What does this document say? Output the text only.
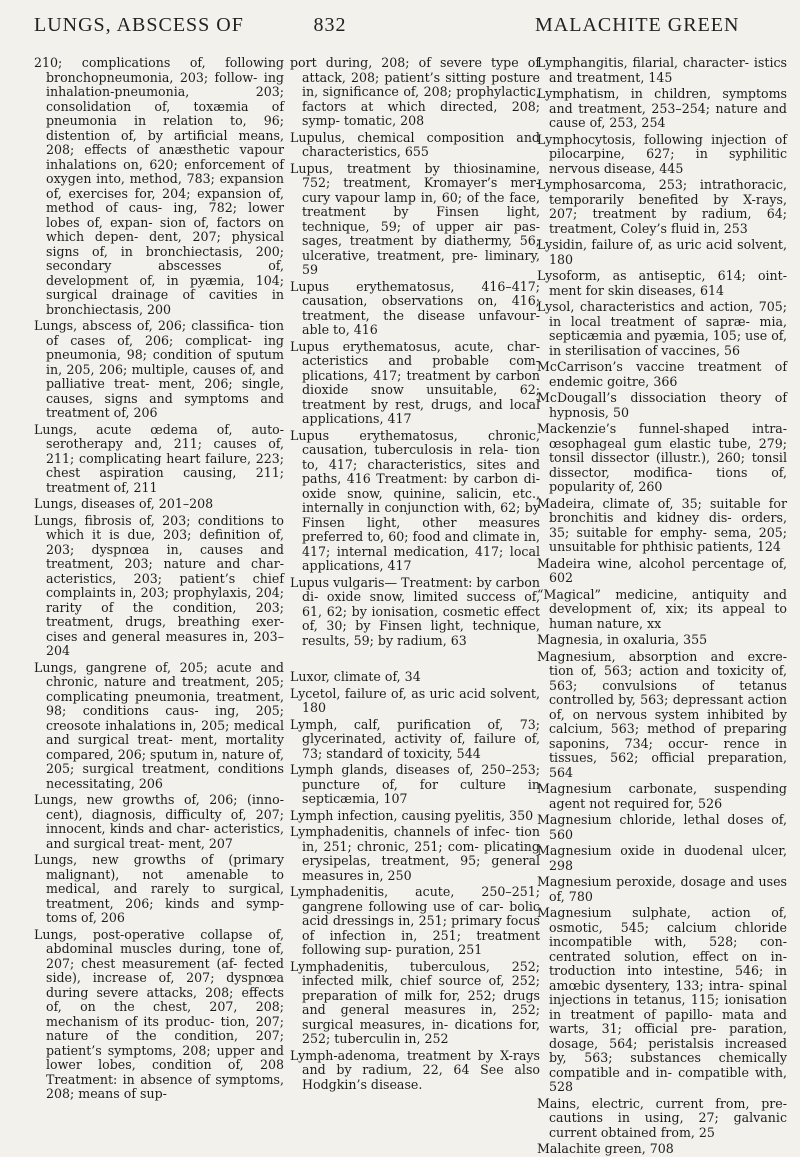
LUNGS, ABSCESS OF	832	MALACHITE GREEN

210; complications of, following bronchopneumonia, 203; follow- ing inhalation-pneumonia, 203; consolidation of, toxæmia of pneumonia in relation to, 96; distention of, by artificial means, 208; effects of anæsthetic vapour inhalations on, 620; enforcement of oxygen into, method, 783; expansion of, exercises for, 204; expansion of, method of caus- ing, 782; lower lobes of, expan- sion of, factors on which depen- dent, 207; physical signs of, in bronchiectasis, 200; secondary abscesses of, development of, in pyæmia, 104; surgical drainage of cavities in bronchiectasis, 200

Lungs, abscess of, 206; classifica- tion of cases of, 206; complicat- ing pneumonia, 98; condition of sputum in, 205, 206; multiple, causes of, and palliative treat- ment, 206; single, causes, signs and symptoms and treatment of, 206

Lungs, acute œdema of, auto- serotherapy and, 211; causes of, 211; complicating heart failure, 223; chest aspiration causing, 211; treatment of, 211

Lungs, diseases of, 201–208

Lungs, fibrosis of, 203; conditions to which it is due, 203; definition of, 203; dyspnœa in, causes and treatment, 203; nature and char- acteristics, 203; patient’s chief complaints in, 203; prophylaxis, 204; rarity of the condition, 203; treatment, drugs, breathing exer- cises and general measures in, 203–204

Lungs, gangrene of, 205; acute and chronic, nature and treatment, 205; complicating pneumonia, treatment, 98; conditions caus- ing, 205; creosote inhalations in, 205; medical and surgical treat- ment, mortality compared, 206; sputum in, nature of, 205; surgical treatment, conditions necessitating, 206

Lungs, new growths of, 206; (inno- cent), diagnosis, difficulty of, 207; innocent, kinds and char- acteristics, and surgical treat- ment, 207

Lungs, new growths of (primary malignant), not amenable to medical, and rarely to surgical, treatment, 206; kinds and symp- toms of, 206

Lungs, post-operative collapse of, abdominal muscles during, tone of, 207; chest measurement (af- fected side), increase of, 207; dyspnœa during severe attacks, 208; effects of, on the chest, 207, 208; mechanism of its produc- tion, 207; nature of the condition, 207; patient’s symptoms, 208; upper and lower lobes, condition of, 208 Treatment: in absence of symptoms, 208; means of sup-

port during, 208; of severe type of attack, 208; patient’s sitting posture in, significance of, 208; prophylactic, factors at which directed, 208; symp- tomatic, 208

Lupulus, chemical composition and characteristics, 655

Lupus, treatment by thiosinamine, 752; treatment, Kromayer’s mer- cury vapour lamp in, 60; of the face, treatment by Finsen light, technique, 59; of upper air pas- sages, treatment by diathermy, 56; ulcerative, treatment, pre- liminary, 59

Lupus erythematosus, 416–417; causation, observations on, 416; treatment, the disease unfavour- able to, 416

Lupus erythematosus, acute, char- acteristics and probable com- plications, 417; treatment by carbon dioxide snow unsuitable, 62; treatment by rest, drugs, and local applications, 417

Lupus erythematosus, chronic, causation, tuberculosis in rela- tion to, 417; characteristics, sites and paths, 416 Treatment: by carbon di- oxide snow, quinine, salicin, etc., internally in conjunction with, 62; by Finsen light, other measures preferred to, 60; food and climate in, 417; internal medication, 417; local applications, 417

Lupus vulgaris— Treatment: by carbon di- oxide snow, limited success of, 61, 62; by ionisation, cosmetic effect of, 30; by Finsen light, technique, results, 59; by radium, 63

Luxor, climate of, 34

Lycetol, failure of, as uric acid solvent, 180

Lymph, calf, purification of, 73; glycerinated, activity of, failure of, 73; standard of toxicity, 544

Lymph glands, diseases of, 250–253; puncture of, for culture in septicæmia, 107

Lymph infection, causing pyelitis, 350

Lymphadenitis, channels of infec- tion in, 251; chronic, 251; com- plicating erysipelas, treatment, 95; general measures in, 250

Lymphadenitis, acute, 250–251; gangrene following use of car- bolic acid dressings in, 251; primary focus of infection in, 251; treatment following sup- puration, 251

Lymphadenitis, tuberculous, 252; infected milk, chief source of, 252; preparation of milk for, 252; drugs and general measures in, 252; surgical measures, in- dications for, 252; tuberculin in, 252

Lymph-adenoma, treatment by X-rays and by radium, 22, 64 See also Hodgkin’s disease.

Lymphangitis, filarial, character- istics and treatment, 145

Lymphatism, in children, symptoms and treatment, 253–254; nature and cause of, 253, 254

Lymphocytosis, following injection of pilocarpine, 627; in syphilitic nervous disease, 445

Lymphosarcoma, 253; intrathoracic, temporarily benefited by X-rays, 207; treatment by radium, 64; treatment, Coley’s fluid in, 253

Lysidin, failure of, as uric acid solvent, 180

Lysoform, as antiseptic, 614; oint- ment for skin diseases, 614

Lysol, characteristics and action, 705; in local treatment of sapræ- mia, septicæmia and pyæmia, 105; use of, in sterilisation of vaccines, 56

McCarrison’s vaccine treatment of endemic goitre, 366

McDougall’s dissociation theory of hypnosis, 50

Mackenzie’s funnel-shaped intra- œsophageal gum elastic tube, 279; tonsil dissector (illustr.), 260; tonsil dissector, modifica- tions of, popularity of, 260

Madeira, climate of, 35; suitable for bronchitis and kidney dis- orders, 35; suitable for emphy- sema, 205; unsuitable for phthisic patients, 124

Madeira wine, alcohol percentage of, 602

“Magical” medicine, antiquity and development of, xix; its appeal to human nature, xx

Magnesia, in oxaluria, 355

Magnesium, absorption and excre- tion of, 563; action and toxicity of, 563; convulsions of tetanus controlled by, 563; depressant action of, on nervous system inhibited by calcium, 563; method of preparing saponins, 734; occur- rence in tissues, 562; official preparation, 564

Magnesium carbonate, suspending agent not required for, 526

Magnesium chloride, lethal doses of, 560

Magnesium oxide in duodenal ulcer, 298

Magnesium peroxide, dosage and uses of, 780

Magnesium sulphate, action of, osmotic, 545; calcium chloride incompatible with, 528; con- centrated solution, effect on in- troduction into intestine, 546; in amœbic dysentery, 133; intra- spinal injections in tetanus, 115; ionisation in treatment of papillo- mata and warts, 31; official pre- paration, dosage, 564; peristalsis increased by, 563; substances chemically compatible and in- compatible with, 528

Mains, electric, current from, pre- cautions in using, 27; galvanic current obtained from, 25

Malachite green, 708
